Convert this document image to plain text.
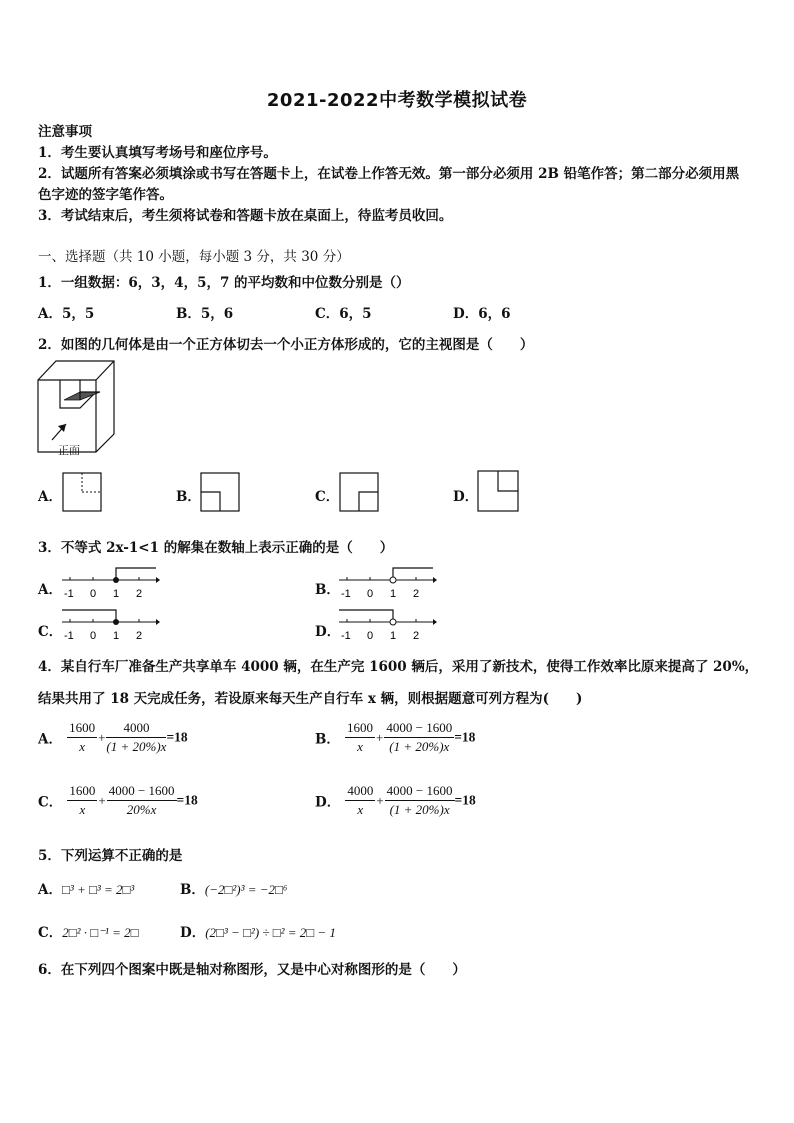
2021-2022中考数学模拟试卷
注意事项
1．考生要认真填写考场号和座位序号。
2．试题所有答案必须填涂或书写在答题卡上，在试卷上作答无效。第一部分必须用 2B 铅笔作答；第二部分必须用黑
色字迹的签字笔作答。
3．考试结束后，考生须将试卷和答题卡放在桌面上，待监考员收回。
一、选择题（共 10 小题，每小题 3 分，共 30 分）
1．一组数据：6，3，4，5，7 的平均数和中位数分别是（）
A．5，5	B．5，6	C．6，5	D．6，6
2．如图的几何体是由一个正方体切去一个小正方体形成的，它的主视图是（　　）
正面
A．	B．	C．	D．
3．不等式 2x-1<1 的解集在数轴上表示正确的是（　　）
A． -1 0 1 2	B． -1 0 1 2
C． -1 0 1 2	D． -1 0 1 2
4．某自行车厂准备生产共享单车 4000 辆，在生产完 1600 辆后，采用了新技术，使得工作效率比原来提高了 20%，
结果共用了 18 天完成任务，若设原来每天生产自行车 x 辆，则根据题意可列方程为(　　)
A． $\frac{1600}{x} + \frac{4000}{(1 + 20\%)x} =18$	B． $\frac{1600}{x} + \frac{4000 - 1600}{(1 + 20\%)x} =18$
C． $\frac{1600}{x} + \frac{4000 - 1600}{20\%x} =18$	D． $\frac{4000}{x} + \frac{4000 - 1600}{(1 + 20\%)x} =18$
5．下列运算不正确的是
A．□³ + □³ = 2□³	B．(−2□²)³ = −2□⁶
C．2□² · □⁻¹ = 2□	D．(2□³ − □²) ÷ □² = 2□ − 1
6．在下列四个图案中既是轴对称图形，又是中心对称图形的是（　　）
